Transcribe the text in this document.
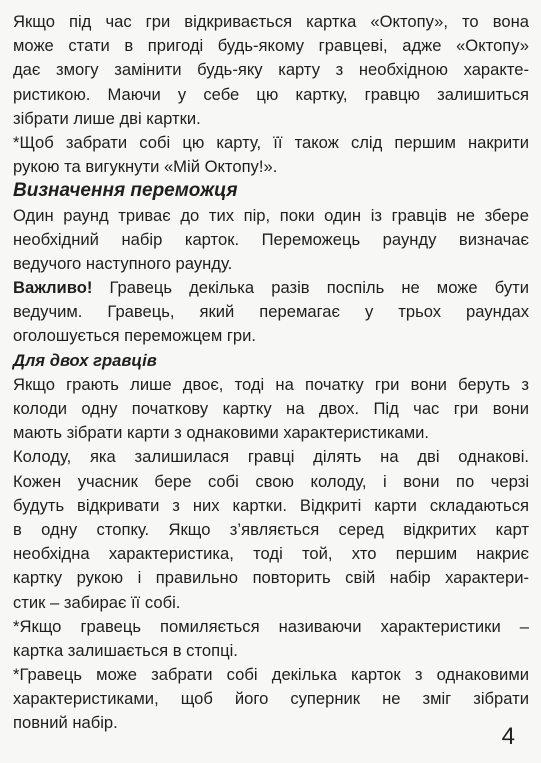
Якщо під час гри відкривається картка «Октопу», то вона
може стати в пригоді будь-якому гравцеві, адже «Октопу»
дає змогу замінити будь-яку карту з необхідною характе-
ристикою. Маючи у себе цю картку, гравцю залишиться
зібрати лише дві картки.
*Щоб забрати собі цю карту, її також слід першим накрити
рукою та вигукнути «Мій Октопу!».
Визначення переможця
Один раунд триває до тих пір, поки один із гравців не збере
необхідний набір карток. Переможець раунду визначає
ведучого наступного раунду.
Важливо! Гравець декілька разів поспіль не може бути
ведучим. Гравець, який перемагає у трьох раундах
оголошується переможцем гри.
Для двох гравців
Якщо грають лише двоє, тоді на початку гри вони беруть з
колоди одну початкову картку на двох. Під час гри вони
мають зібрати карти з однаковими характеристиками.
Колоду, яка залишилася гравці ділять на дві однакові.
Кожен учасник бере собі свою колоду, і вони по черзі
будуть відкривати з них картки. Відкриті карти складаються
в одну стопку. Якщо з’являється серед відкритих карт
необхідна характеристика, тоді той, хто першим накриє
картку рукою і правильно повторить свій набір характери-
стик – забирає її собі.
*Якщо гравець помиляється називаючи характеристики –
картка залишається в стопці.
*Гравець може забрати собі декілька карток з однаковими
характеристиками, щоб його суперник не зміг зібрати
повний набір.
4
